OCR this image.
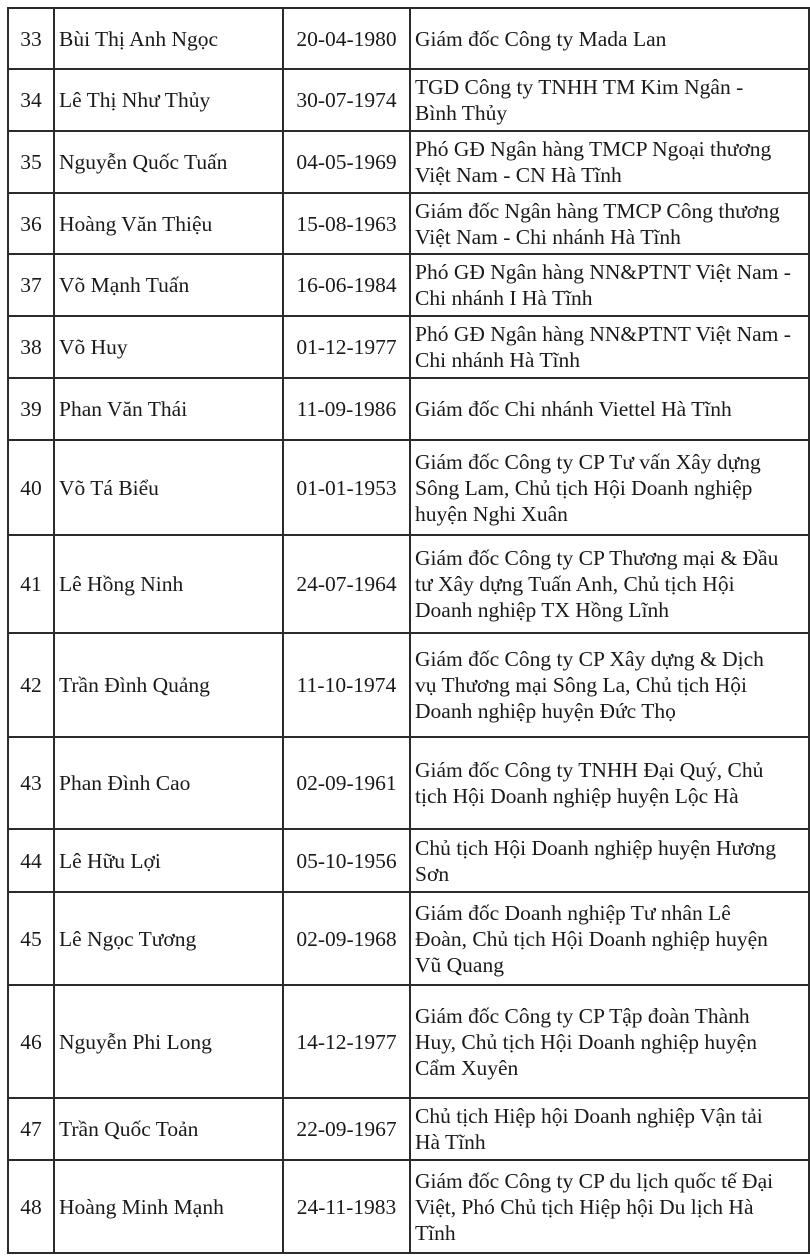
33	Bùi Thị Anh Ngọc	20-04-1980	Giám đốc Công ty Mada Lan

34	Lê Thị Như Thủy	30-07-1974	TGD Công ty TNHH TM Kim Ngân -
Bình Thủy

35	Nguyễn Quốc Tuấn	04-05-1969	Phó GĐ Ngân hàng TMCP Ngoại thương
Việt Nam - CN Hà Tĩnh

36	Hoàng Văn Thiệu	15-08-1963	Giám đốc Ngân hàng TMCP Công thương
Việt Nam - Chi nhánh Hà Tĩnh

37	Võ Mạnh Tuấn	16-06-1984	Phó GĐ Ngân hàng NN&PTNT Việt Nam -
Chi nhánh I Hà Tĩnh

38	Võ Huy	01-12-1977	Phó GĐ Ngân hàng NN&PTNT Việt Nam -
Chi nhánh Hà Tĩnh

39	Phan Văn Thái	11-09-1986	Giám đốc Chi nhánh Viettel Hà Tĩnh

40	Võ Tá Biểu	01-01-1953	Giám đốc Công ty CP Tư vấn Xây dựng
Sông Lam, Chủ tịch Hội Doanh nghiệp
huyện Nghi Xuân

41	Lê Hồng Ninh	24-07-1964	Giám đốc Công ty CP Thương mại & Đầu
tư Xây dựng Tuấn Anh, Chủ tịch Hội
Doanh nghiệp TX Hồng Lĩnh

42	Trần Đình Quảng	11-10-1974	Giám đốc Công ty CP Xây dựng & Dịch
vụ Thương mại Sông La, Chủ tịch Hội
Doanh nghiệp huyện Đức Thọ

43	Phan Đình Cao	02-09-1961	Giám đốc Công ty TNHH Đại Quý, Chủ
tịch Hội Doanh nghiệp huyện Lộc Hà

44	Lê Hữu Lợi	05-10-1956	Chủ tịch Hội Doanh nghiệp huyện Hương
Sơn

45	Lê Ngọc Tương	02-09-1968	Giám đốc Doanh nghiệp Tư nhân Lê
Đoàn, Chủ tịch Hội Doanh nghiệp huyện
Vũ Quang

46	Nguyễn Phi Long	14-12-1977	Giám đốc Công ty CP Tập đoàn Thành
Huy, Chủ tịch Hội Doanh nghiệp huyện
Cẩm Xuyên

47	Trần Quốc Toản	22-09-1967	Chủ tịch Hiệp hội Doanh nghiệp Vận tải
Hà Tĩnh

48	Hoàng Minh Mạnh	24-11-1983	Giám đốc Công ty CP du lịch quốc tế Đại
Việt, Phó Chủ tịch Hiệp hội Du lịch Hà
Tĩnh
